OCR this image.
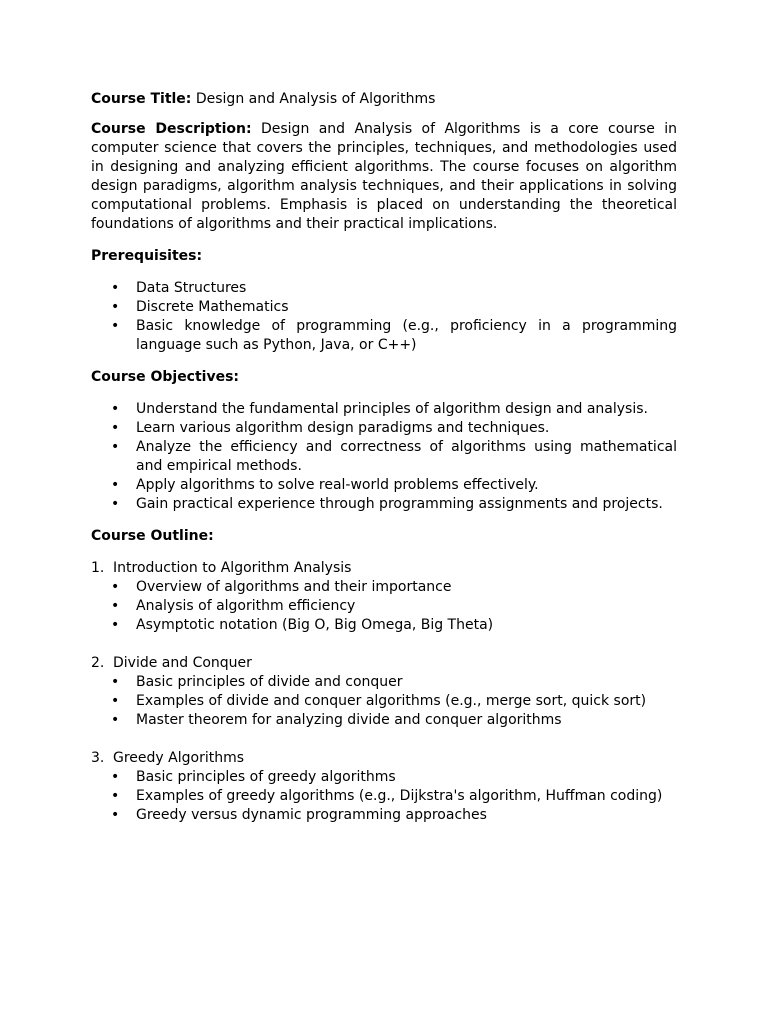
Course Title: Design and Analysis of Algorithms

Course Description: Design and Analysis of Algorithms is a core course in computer science that covers the principles, techniques, and methodologies used in designing and analyzing efficient algorithms. The course focuses on algorithm design paradigms, algorithm analysis techniques, and their applications in solving computational problems. Emphasis is placed on understanding the theoretical foundations of algorithms and their practical implications.

Prerequisites:

• Data Structures
• Discrete Mathematics
• Basic knowledge of programming (e.g., proficiency in a programming language such as Python, Java, or C++)

Course Objectives:

• Understand the fundamental principles of algorithm design and analysis.
• Learn various algorithm design paradigms and techniques.
• Analyze the efficiency and correctness of algorithms using mathematical and empirical methods.
• Apply algorithms to solve real-world problems effectively.
• Gain practical experience through programming assignments and projects.

Course Outline:

1. Introduction to Algorithm Analysis
• Overview of algorithms and their importance
• Analysis of algorithm efficiency
• Asymptotic notation (Big O, Big Omega, Big Theta)
2. Divide and Conquer
• Basic principles of divide and conquer
• Examples of divide and conquer algorithms (e.g., merge sort, quick sort)
• Master theorem for analyzing divide and conquer algorithms
3. Greedy Algorithms
• Basic principles of greedy algorithms
• Examples of greedy algorithms (e.g., Dijkstra's algorithm, Huffman coding)
• Greedy versus dynamic programming approaches
